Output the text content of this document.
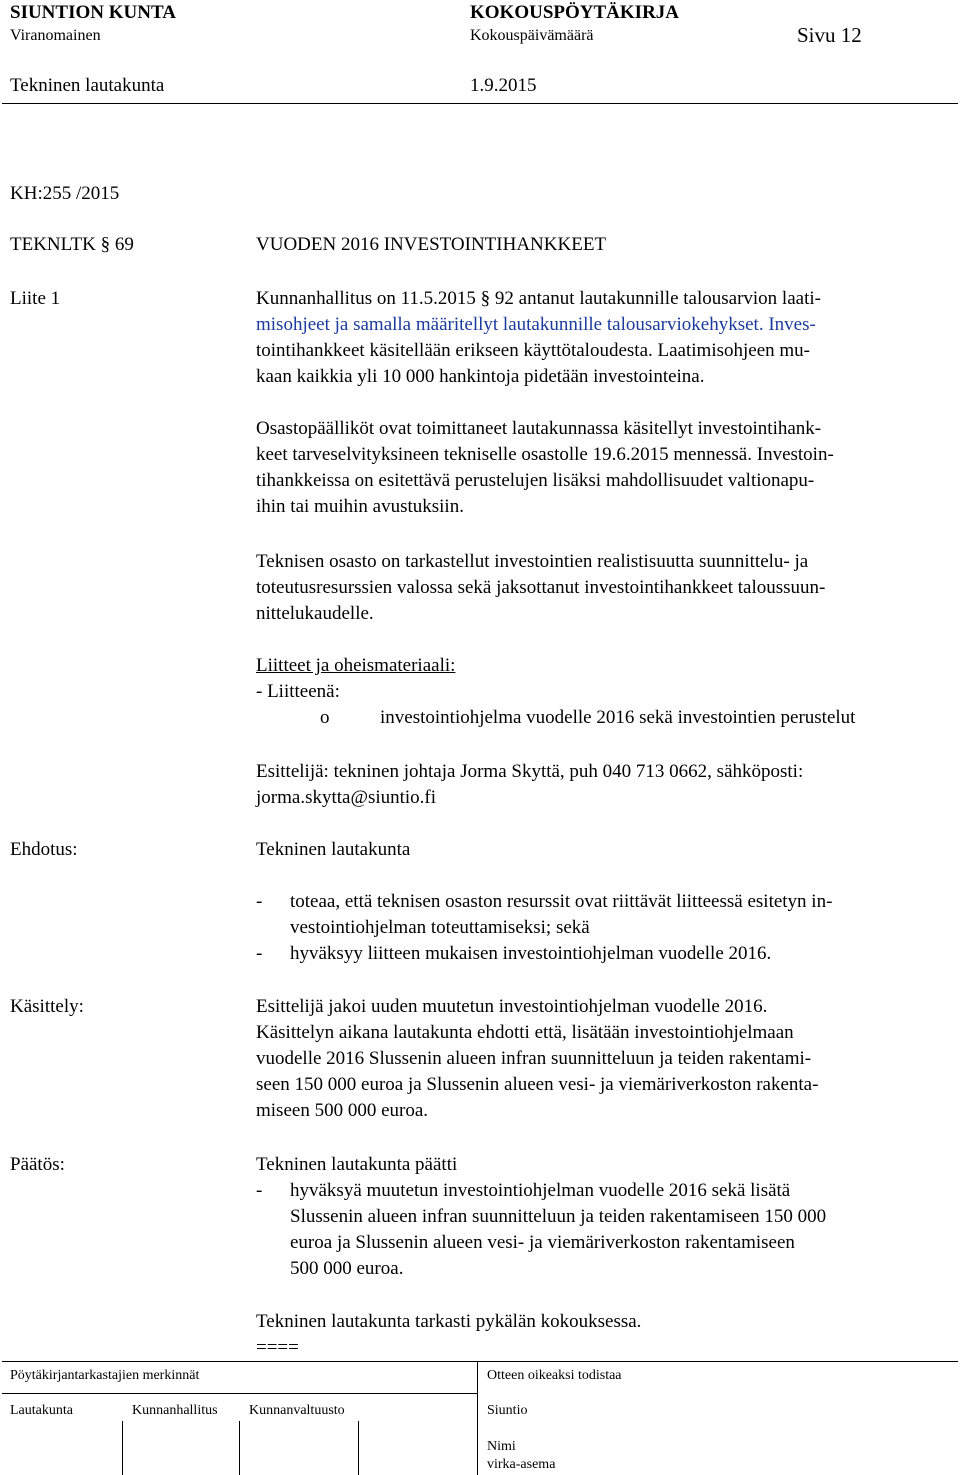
SIUNTION KUNTA	KOKOUSPÖYTÄKIRJA
Viranomainen	Kokouspäivämäärä	Sivu 12
Tekninen lautakunta	1.9.2015
KH:255 /2015
TEKNLTK § 69	VUODEN 2016 INVESTOINTIHANKKEET
Liite 1	Kunnanhallitus on 11.5.2015 § 92 antanut lautakunnille talousarvion laati-
misohjeet ja samalla määritellyt lautakunnille talousarviokehykset. Inves-
tointihankkeet käsitellään erikseen käyttötaloudesta. Laatimisohjeen mu-
kaan kaikkia yli 10 000 hankintoja pidetään investointeina.
Osastopäälliköt ovat toimittaneet lautakunnassa käsitellyt investointihank-
keet tarveselvityksineen tekniselle osastolle 19.6.2015 mennessä. Investoin-
tihankkeissa on esitettävä perustelujen lisäksi mahdollisuudet valtionapu-
ihin tai muihin avustuksiin.
Teknisen osasto on tarkastellut investointien realistisuutta suunnittelu- ja
toteutusresurssien valossa sekä jaksottanut investointihankkeet taloussuun-
nittelukaudelle.
Liitteet ja oheismateriaali:
- Liitteenä:
o	investointiohjelma vuodelle 2016 sekä investointien perustelut
Esittelijä: tekninen johtaja Jorma Skyttä, puh 040 713 0662, sähköposti:
jorma.skytta@siuntio.fi
Ehdotus:	Tekninen lautakunta
- toteaa, että teknisen osaston resurssit ovat riittävät liitteessä esitetyn in-
vestointiohjelman toteuttamiseksi; sekä
- hyväksyy liitteen mukaisen investointiohjelman vuodelle 2016.
Käsittely:	Esittelijä jakoi uuden muutetun investointiohjelman vuodelle 2016.
Käsittelyn aikana lautakunta ehdotti että, lisätään investointiohjelmaan
vuodelle 2016 Slussenin alueen infran suunnitteluun ja teiden rakentami-
seen 150 000 euroa ja Slussenin alueen vesi- ja viemäriverkoston rakenta-
miseen 500 000 euroa.
Päätös:	Tekninen lautakunta päätti
- hyväksyä muutetun investointiohjelman vuodelle 2016 sekä lisätä
Slussenin alueen infran suunnitteluun ja teiden rakentamiseen 150 000
euroa ja Slussenin alueen vesi- ja viemäriverkoston rakentamiseen
500 000 euroa.
Tekninen lautakunta tarkasti pykälän kokouksessa.
====
Pöytäkirjantarkastajien merkinnät	Otteen oikeaksi todistaa
Lautakunta	Kunnanhallitus Kunnanvaltuusto	Siuntio
Nimi
virka-asema
